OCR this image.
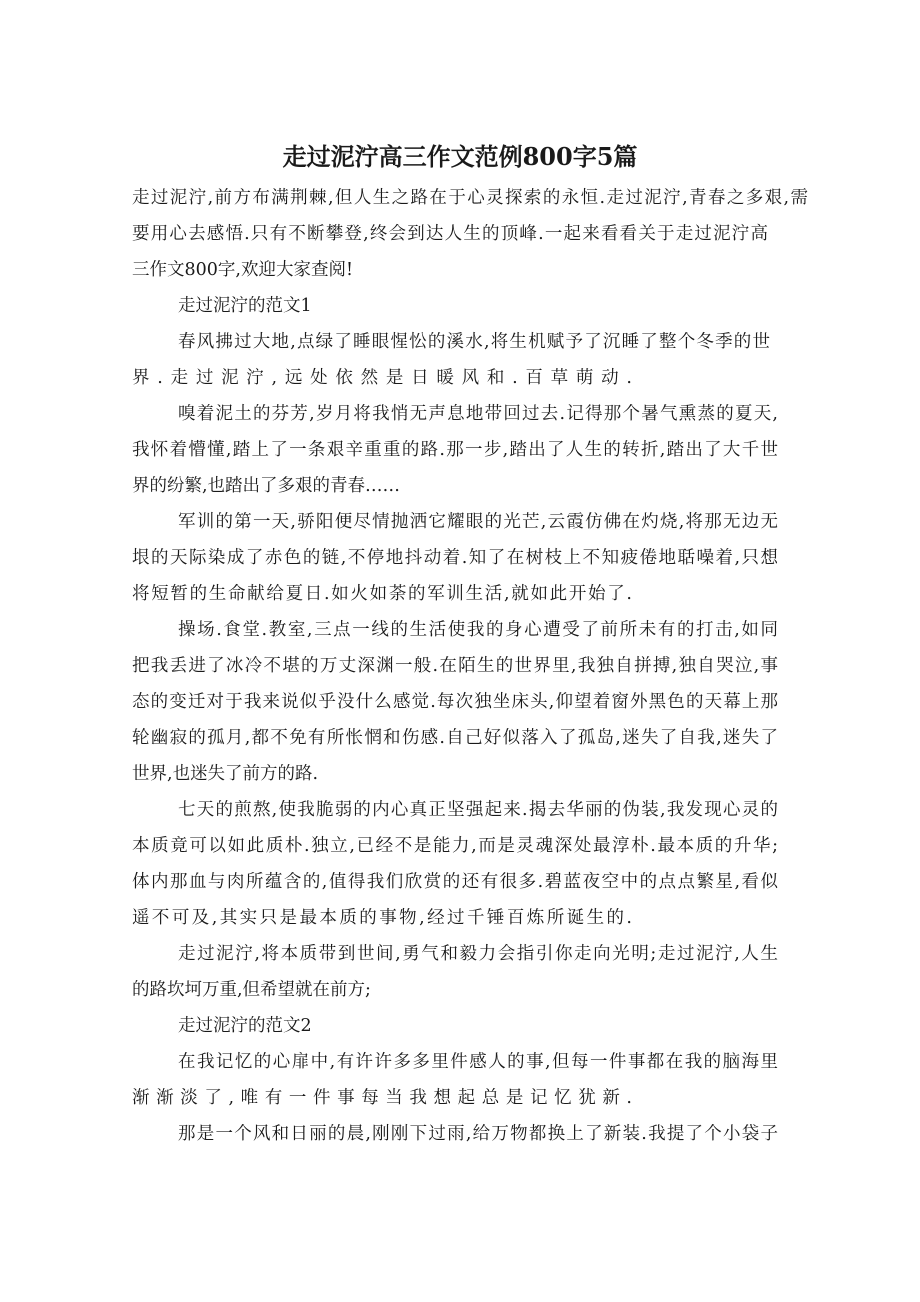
走过泥泞高三作文范例800字5篇
走过泥泞,前方布满荆棘,但人生之路在于心灵探索的永恒.走过泥泞,青春之多艰,需
要用心去感悟.只有不断攀登,终会到达人生的顶峰.一起来看看关于走过泥泞高
三作文800字,欢迎大家查阅!
走过泥泞的范文1
春风拂过大地,点绿了睡眼惺忪的溪水,将生机赋予了沉睡了整个冬季的世
界.走过泥泞,远处依然是日暖风和.百草萌动.
嗅着泥土的芬芳,岁月将我悄无声息地带回过去.记得那个暑气熏蒸的夏天,
我怀着懵懂,踏上了一条艰辛重重的路.那一步,踏出了人生的转折,踏出了大千世
界的纷繁,也踏出了多艰的青春……
军训的第一天,骄阳便尽情抛洒它耀眼的光芒,云霞仿佛在灼烧,将那无边无
垠的天际染成了赤色的链,不停地抖动着.知了在树枝上不知疲倦地聒噪着,只想
将短暂的生命献给夏日.如火如荼的军训生活,就如此开始了.
操场.食堂.教室,三点一线的生活使我的身心遭受了前所未有的打击,如同
把我丢进了冰冷不堪的万丈深渊一般.在陌生的世界里,我独自拼搏,独自哭泣,事
态的变迁对于我来说似乎没什么感觉.每次独坐床头,仰望着窗外黑色的天幕上那
轮幽寂的孤月,都不免有所怅惘和伤感.自己好似落入了孤岛,迷失了自我,迷失了
世界,也迷失了前方的路.
七天的煎熬,使我脆弱的内心真正坚强起来.揭去华丽的伪装,我发现心灵的
本质竟可以如此质朴.独立,已经不是能力,而是灵魂深处最淳朴.最本质的升华;
体内那血与肉所蕴含的,值得我们欣赏的还有很多.碧蓝夜空中的点点繁星,看似
遥不可及,其实只是最本质的事物,经过千锤百炼所诞生的.
走过泥泞,将本质带到世间,勇气和毅力会指引你走向光明;走过泥泞,人生
的路坎坷万重,但希望就在前方;
走过泥泞的范文2
在我记忆的心扉中,有许许多多里件感人的事,但每一件事都在我的脑海里
渐渐淡了,唯有一件事每当我想起总是记忆犹新.
那是一个风和日丽的晨,刚刚下过雨,给万物都换上了新装.我提了个小袋子
